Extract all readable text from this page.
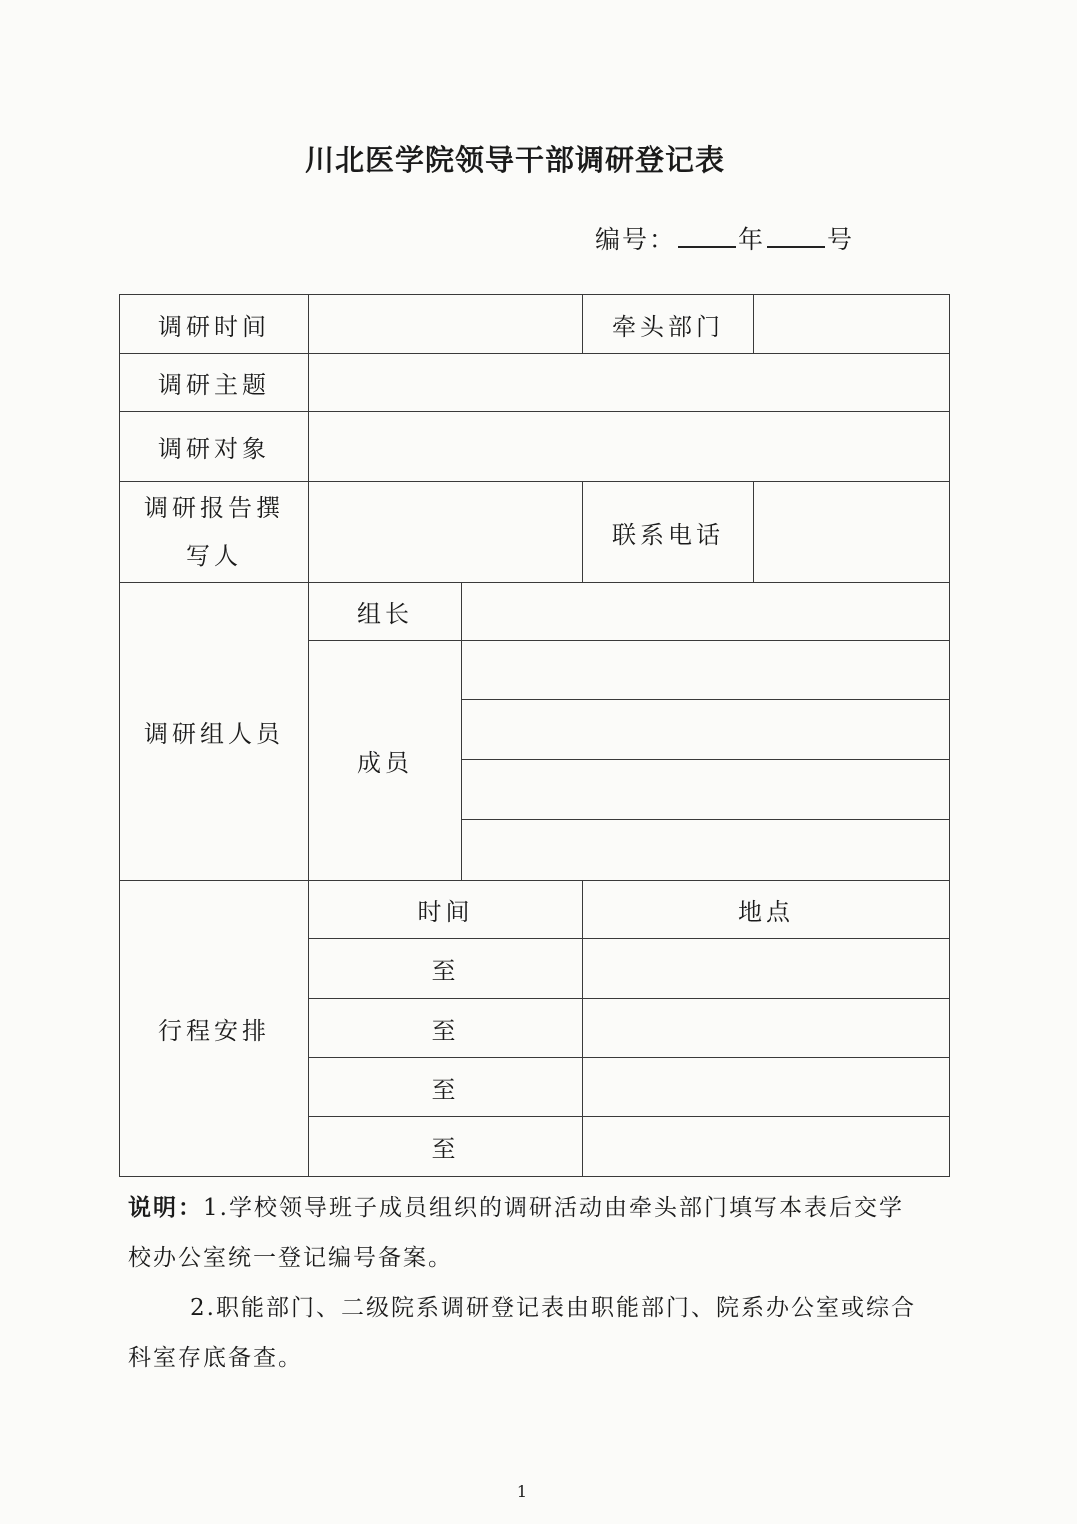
川北医学院领导干部调研登记表
编号： 年 号
调研时间			牵头部门	
调研主题				
调研对象				
调研报告撰写人			联系电话	
调研组人员	组长			
	成员			

行程安排	时间		地点	
	至			
	至			
	至			
	至			
说明：1.学校领导班子成员组织的调研活动由牵头部门填写本表后交学校办公室统一登记编号备案。
2.职能部门、二级院系调研登记表由职能部门、院系办公室或综合科室存底备查。
1
